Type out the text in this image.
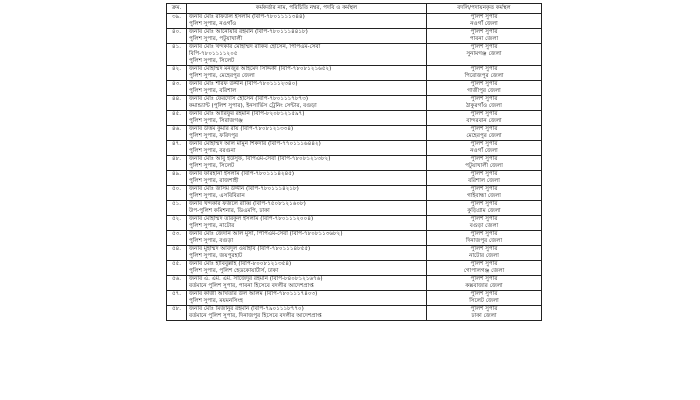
ক্রম.	কর্মকর্তার নাম, পরিচিতি নম্বর, পদবি ও কর্মস্থল	বদলি/পদায়নকৃত কর্মস্থল
৩৯.	জনাব মোঃ রফিউল ইসলাম (বিপি-৭৮০১১১১৩৪৪)
পুলিশ সুপার, নওগাঁও	পুলিশ সুপার
নওগাঁ জেলা

৪০.	জনাব মোঃ আনোয়ার রহমান (বিপি-৭৮০১১১৪৪১৮)
পুলিশ সুপার, পটুয়াখালী	পুলিশ সুপার
পাবনা জেলা

৪১.	জনাব মোঃ খন্দকার মোহাম্মদ রাকিব হোসেন, পিপিএম-সেবা
বিপি-৭৮০১১১১২০৫
পুলিশ সুপার, সিলেট	পুলিশ সুপার
সুনামগঞ্জ জেলা

৪২.	জনাব মোহাম্মদ মনজুর আহমেদ সিদ্দিকী (বিপি-৭৮০৮১২১৬৫২)
পুলিশ সুপার, মেহেরপুর জেলা	পুলিশ সুপার
পিরোজপুর জেলা

৪৩.	জনাব মোঃ শরিফ উদ্দীন (বিপি-৭৮০১১১২৩৪০)
পুলিশ সুপার, বরিশাল	পুলিশ সুপার
গাজীপুর জেলা

৪৪.	জনাব মোঃ ফেরদৌস হোসেন (বিপি-৭৮০১১১৭৮৭৩)
কমান্ড্যান্ট (পুলিশ সুপার), ইনসার্ভিস ট্রেনিং সেন্টার, বগুড়া	পুলিশ সুপার
ঠাকুরগাঁও জেলা

৪৫.	জনাব মোঃ আরিফুর রহমান (বিপি-৮২০৮১২১৫৯৭)
পুলিশ সুপার, সিরাজগঞ্জ	পুলিশ সুপার
বান্দরবান জেলা

৪৬.	জনাব উত্তম কুমার রায় (বিপি-৭৮০৮১২১৩৩৪)
পুলিশ সুপার, ফরিদপুর	পুলিশ সুপার
মেহেরপুর জেলা

৪৭.	জনাব মোহাম্মদ আল মামুন শিকদার (বিপি-৭৭০১১১৬৪৪২)
পুলিশ সুপার, বরগুনা	পুলিশ সুপার
নওগাঁ জেলা

৪৮.	জনাব মোঃ আবু ইউসুফ, বিপিএম-সেবা (বিপি-৭৮০৮১২১৩৮২)
পুলিশ সুপার, সিলেট	পুলিশ সুপার
পটুয়াখালী জেলা

৪৯.	জনাব ফারহানা ইসলাম (বিপি-৭৮০১১১৪২৪৫)
পুলিশ সুপার, রাজশাহী	পুলিশ সুপার
বরিশাল জেলা

৫০.	জনাব মোঃ জসিম উদ্দীন (বিপি-৭৮০১১১৪২১৮)
পুলিশ সুপার, এসবিবিরান	পুলিশ সুপার
গাইবান্ধা জেলা

৫১.	জনাব খন্দকার ফজলে রাব্বি (বিপি-৭৫০৮১২১৬০৮)
উপ-পুলিশ কমিশনার, ডিএমপি, ঢাকা	পুলিশ সুপার
কুড়িগ্রাম জেলা

৫২.	জনাব মোহাম্মদ তরিকুল ইসলাম (বিপি-৭৮০১১১২০০৪)
পুলিশ সুপার, নাটোর	পুলিশ সুপার
বগুড়া জেলা

৫৩.	জনাব মোঃ জেদান আল মুসা, পিপিএম-সেবা (বিপি-৭৮০৮১১৩৬৮২)
পুলিশ সুপার, বগুড়া	পুলিশ সুপার
দিনাজপুর জেলা

৫৪.	জনাব মুহাম্মদ আবদুল ওয়াহাব (বিপি-৭৮০১১১৪৮৫৫)
পুলিশ সুপার, জয়পুরহাট	পুলিশ সুপার
নাটোর জেলা

৫৫.	জনাব মোঃ হাবিবুল্লাহ (বিপি-৮০০৮১২১৩৫৪)
পুলিশ সুপার, পুলিশ হেডকোয়ার্টার্স, ঢাকা	পুলিশ সুপার
গোপালগঞ্জ জেলা

৫৬.	জনাব এ. এম. এম. সাজেদুর রহমান (বিপি-৮৪০৮১২১৬৭৬)
বর্তমানে পুলিশ সুপার, পাবনা হিসেবে বদলীর আদেশপ্রাপ্ত	পুলিশ সুপার
কক্সবাজার জেলা

৫৭.	জনাব কাজী আখতার উল আলম (বিপি-৭৮০১১১৭৪০৩)
পুলিশ সুপার, ময়মনসিংহ	পুলিশ সুপার
সিলেট জেলা

৫৮.	জনাব মোঃ মিজানুর রহমান (বিপি-৭৯০১১১৮৭৭০)
বর্তমানে পুলিশ সুপার, দিনাজপুর হিসেবে বদলীর আদেশপ্রাপ্ত	পুলিশ সুপার
ঢাকা জেলা
